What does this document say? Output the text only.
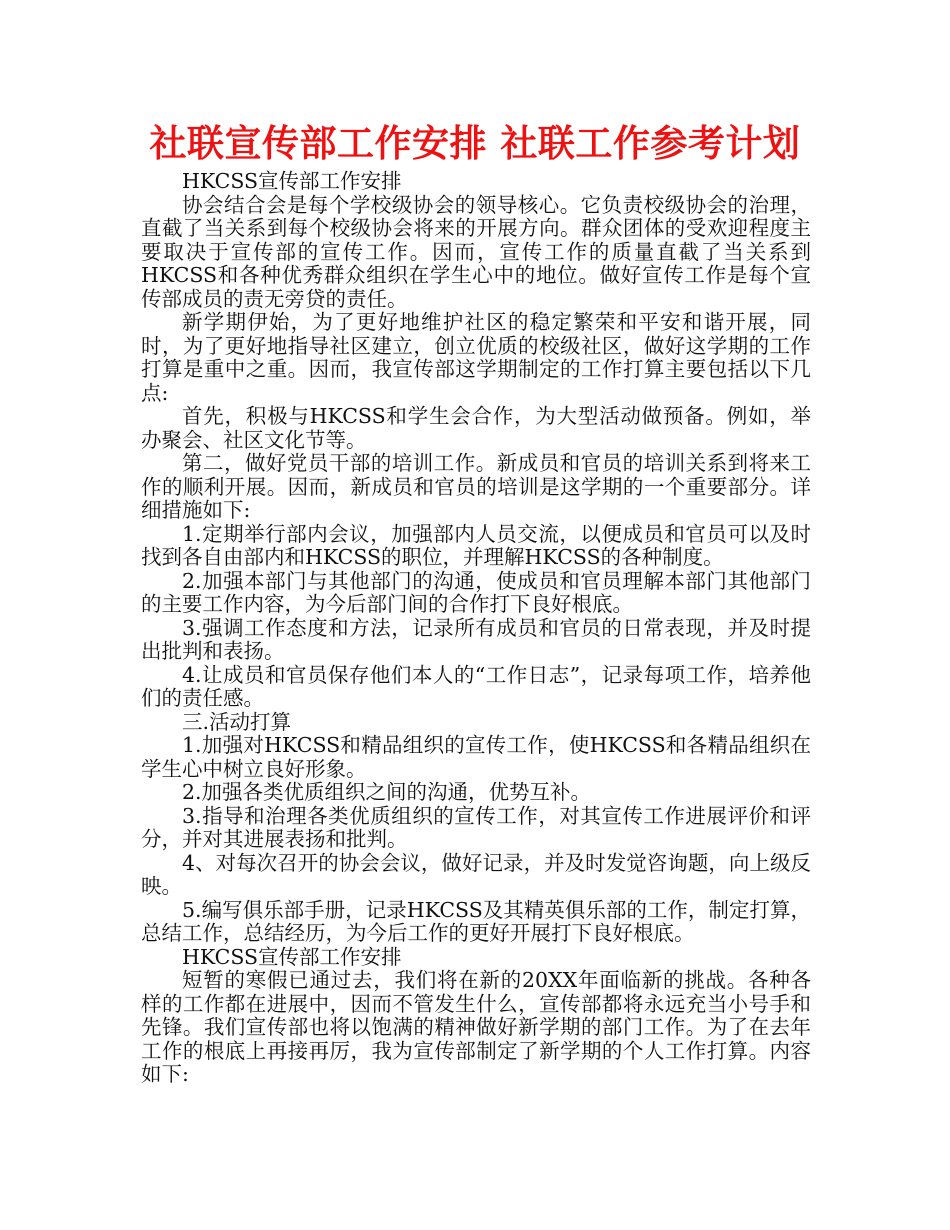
社联宣传部工作安排 社联工作参考计划

HKCSS宣传部工作安排

协会结合会是每个学校级协会的领导核心。它负责校级协会的治理，直截了当关系到每个校级协会将来的开展方向。群众团体的受欢迎程度主要取决于宣传部的宣传工作。因而，宣传工作的质量直截了当关系到HKCSS和各种优秀群众组织在学生心中的地位。做好宣传工作是每个宣传部成员的责无旁贷的责任。

新学期伊始，为了更好地维护社区的稳定繁荣和平安和谐开展，同时，为了更好地指导社区建立，创立优质的校级社区，做好这学期的工作打算是重中之重。因而，我宣传部这学期制定的工作打算主要包括以下几点:

首先，积极与HKCSS和学生会合作，为大型活动做预备。例如，举办聚会、社区文化节等。

第二，做好党员干部的培训工作。新成员和官员的培训关系到将来工作的顺利开展。因而，新成员和官员的培训是这学期的一个重要部分。详细措施如下:

1.定期举行部内会议，加强部内人员交流，以便成员和官员可以及时找到各自由部内和HKCSS的职位，并理解HKCSS的各种制度。

2.加强本部门与其他部门的沟通，使成员和官员理解本部门其他部门的主要工作内容，为今后部门间的合作打下良好根底。

3.强调工作态度和方法，记录所有成员和官员的日常表现，并及时提出批判和表扬。

4.让成员和官员保存他们本人的“工作日志”，记录每项工作，培养他们的责任感。

三.活动打算

1.加强对HKCSS和精品组织的宣传工作，使HKCSS和各精品组织在学生心中树立良好形象。

2.加强各类优质组织之间的沟通，优势互补。

3.指导和治理各类优质组织的宣传工作，对其宣传工作进展评价和评分，并对其进展表扬和批判。

4、对每次召开的协会会议，做好记录，并及时发觉咨询题，向上级反映。

5.编写俱乐部手册，记录HKCSS及其精英俱乐部的工作，制定打算，总结工作，总结经历，为今后工作的更好开展打下良好根底。

HKCSS宣传部工作安排

短暂的寒假已通过去，我们将在新的20XX年面临新的挑战。各种各样的工作都在进展中，因而不管发生什么，宣传部都将永远充当小号手和先锋。我们宣传部也将以饱满的精神做好新学期的部门工作。为了在去年工作的根底上再接再厉，我为宣传部制定了新学期的个人工作打算。内容如下:
